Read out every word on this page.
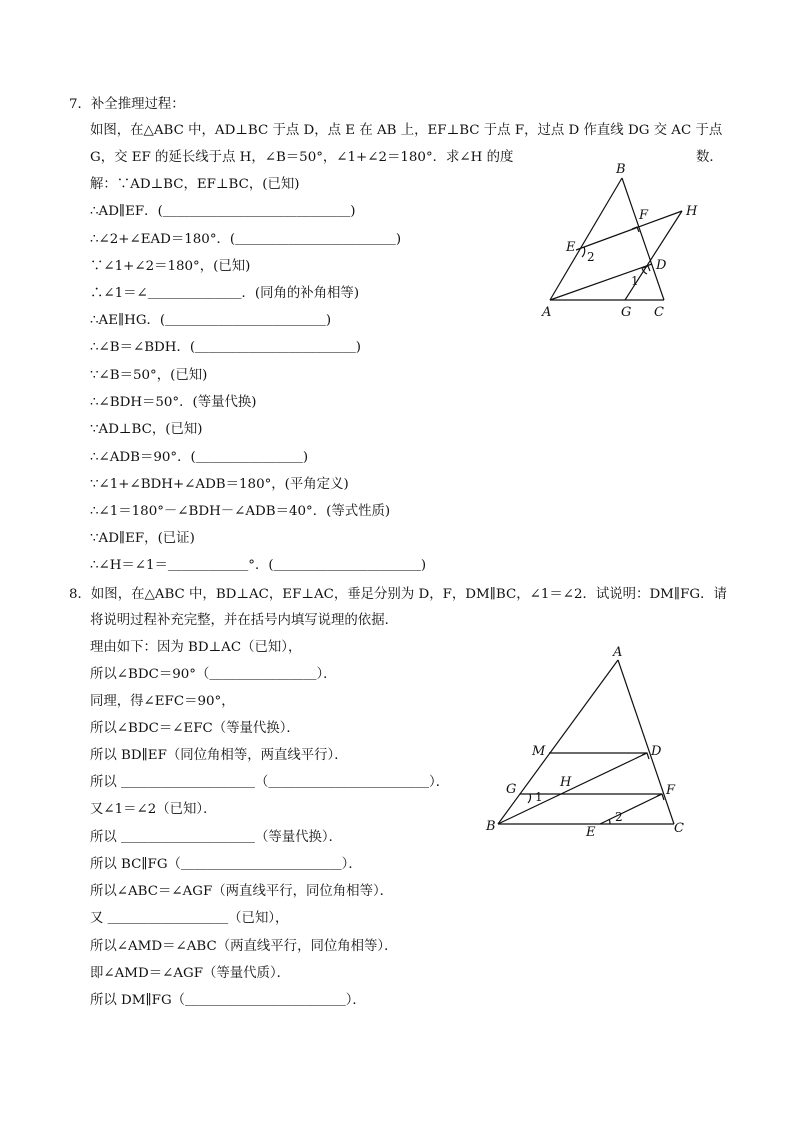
7．补全推理过程：
如图，在△ABC 中，AD⊥BC 于点 D，点 E 在 AB 上，EF⊥BC 于点 F，过点 D 作直线 DG 交 AC 于点
G，交 EF 的延长线于点 H，∠B＝50°，∠1+∠2＝180°．求∠H 的度	数．
解：∵AD⊥BC，EF⊥BC，(已知)
∴AD∥EF．(＿＿＿＿＿＿＿＿＿＿＿＿＿＿)
∴∠2+∠EAD＝180°．(＿＿＿＿＿＿＿＿＿＿＿＿)
∵∠1+∠2＝180°，(已知)
∴∠1＝∠＿＿＿＿＿＿＿．(同角的补角相等)
∴AE∥HG．(＿＿＿＿＿＿＿＿＿＿＿＿)
∴∠B＝∠BDH．(＿＿＿＿＿＿＿＿＿＿＿＿)
∵∠B＝50°，(已知)
∴∠BDH＝50°．(等量代换)
∵AD⊥BC，(已知)
∴∠ADB＝90°．(＿＿＿＿＿＿＿＿)
∵∠1+∠BDH+∠ADB＝180°，(平角定义)
∴∠1＝180°－∠BDH－∠ADB＝40°．(等式性质)
∵AD∥EF，(已证)
∴∠H＝∠1＝＿＿＿＿＿＿°．(＿＿＿＿＿＿＿＿＿＿＿)
B
F	H
E
D
A	G C
1
2
8．如图，在△ABC 中，BD⊥AC，EF⊥AC，垂足分别为 D，F，DM∥BC，∠1＝∠2．试说明：DM∥FG．请
将说明过程补充完整，并在括号内填写说理的依据．
理由如下：因为 BD⊥AC（已知），
所以∠BDC＝90°（＿＿＿＿＿＿＿＿）．
同理，得∠EFC＝90°，
所以∠BDC＝∠EFC（等量代换）．
所以 BD∥EF（同位角相等，两直线平行）．
所以 ＿＿＿＿＿＿＿＿＿＿（＿＿＿＿＿＿＿＿＿＿＿＿）．
又∠1＝∠2（已知）．
所以 ＿＿＿＿＿＿＿＿＿＿（等量代换）．
所以 BC∥FG（＿＿＿＿＿＿＿＿＿＿＿＿）．
所以∠ABC＝∠AGF（两直线平行，同位角相等）．
又 ＿＿＿＿＿＿＿＿＿（已知），
所以∠AMD＝∠ABC（两直线平行，同位角相等）．
即∠AMD＝∠AGF（等量代质）．
所以 DM∥FG（＿＿＿＿＿＿＿＿＿＿＿＿）．
A
M	D
H
G	F
B	E	C
1
2
